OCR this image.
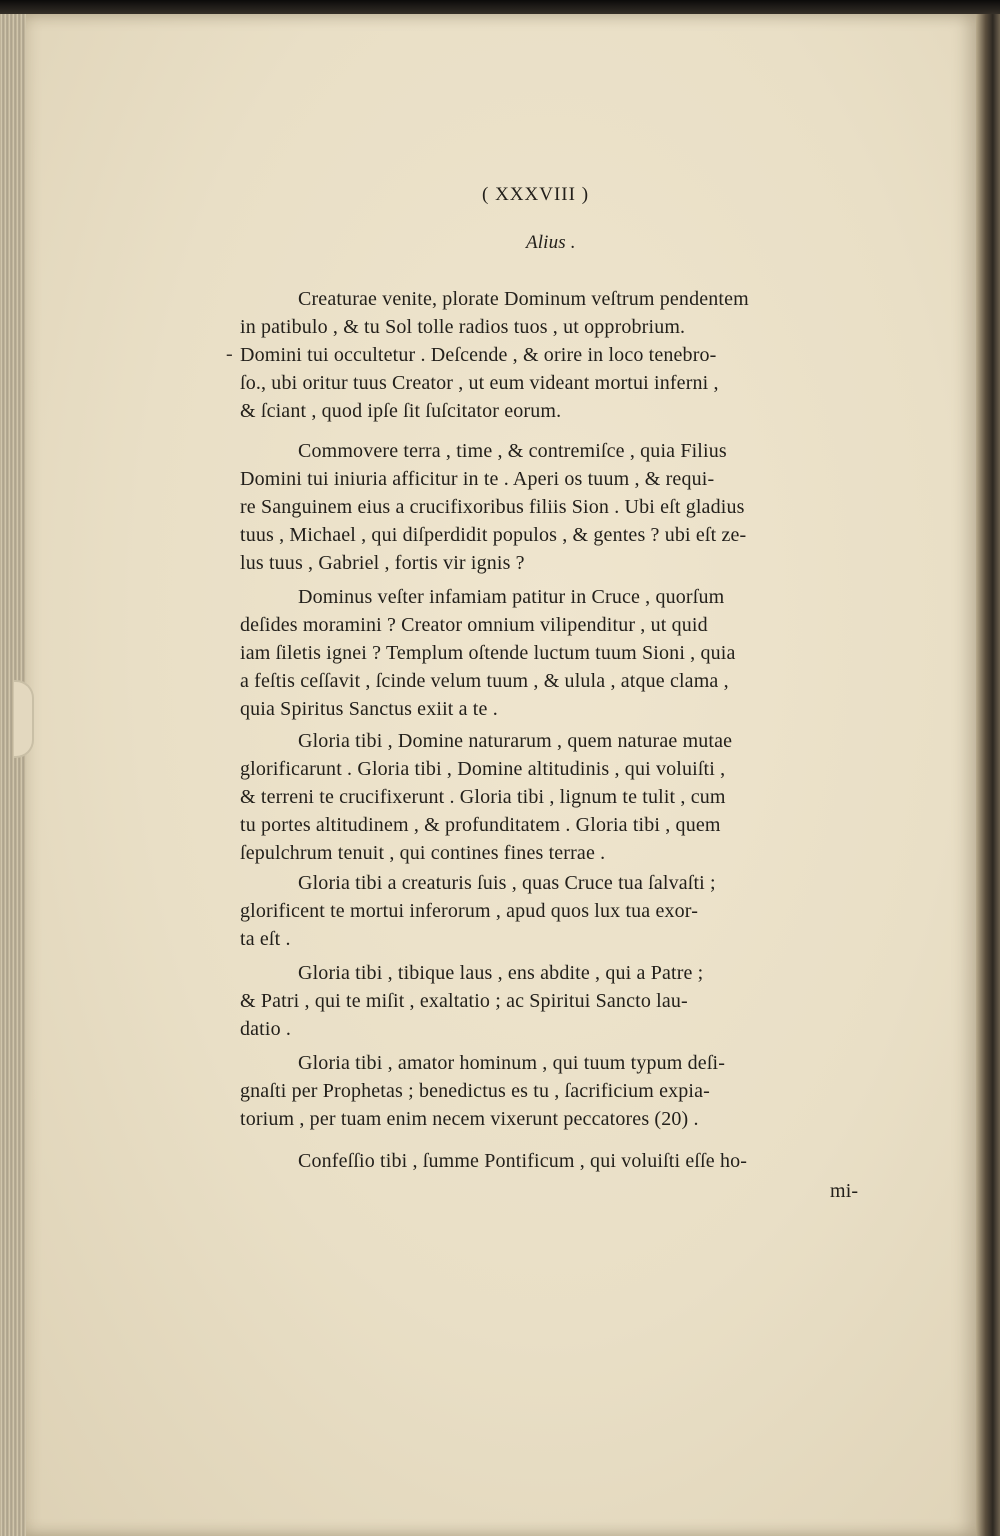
( XXXVIII )

Alius .

-

Creaturae venite, plorate Dominum veſtrum pendentem

in patibulo , & tu Sol tolle radios tuos , ut opprobrium.

Domini tui occultetur . Deſcende , & orire in loco tenebro-

ſo., ubi oritur tuus Creator , ut eum videant mortui inferni ,

& ſciant , quod ipſe ſit ſuſcitator eorum.

Commovere terra , time , & contremiſce , quia Filius

Domini tui iniuria afficitur in te . Aperi os tuum , & requi-

re Sanguinem eius a crucifixoribus filiis Sion . Ubi eſt gladius

tuus , Michael , qui diſperdidit populos , & gentes ? ubi eſt ze-

lus tuus , Gabriel , fortis vir ignis ?

Dominus veſter infamiam patitur in Cruce , quorſum

deſides moramini ? Creator omnium vilipenditur , ut quid

iam ſiletis ignei ? Templum oſtende luctum tuum Sioni , quia

a feſtis ceſſavit , ſcinde velum tuum , & ulula , atque clama ,

quia Spiritus Sanctus exiit a te .

Gloria tibi , Domine naturarum , quem naturae mutae

glorificarunt . Gloria tibi , Domine altitudinis , qui voluiſti ,

& terreni te crucifixerunt . Gloria tibi , lignum te tulit , cum

tu portes altitudinem , & profunditatem . Gloria tibi , quem

ſepulchrum tenuit , qui contines fines terrae .

Gloria tibi a creaturis ſuis , quas Cruce tua ſalvaſti ;

glorificent te mortui inferorum , apud quos lux tua exor-

ta eſt .

Gloria tibi , tibique laus , ens abdite , qui a Patre ;

& Patri , qui te miſit , exaltatio ; ac Spiritui Sancto lau-

datio .

Gloria tibi , amator hominum , qui tuum typum deſi-

gnaſti per Prophetas ; benedictus es tu , ſacrificium expia-

torium , per tuam enim necem vixerunt peccatores (20) .

Confeſſio tibi , ſumme Pontificum , qui voluiſti eſſe ho-

mi-
